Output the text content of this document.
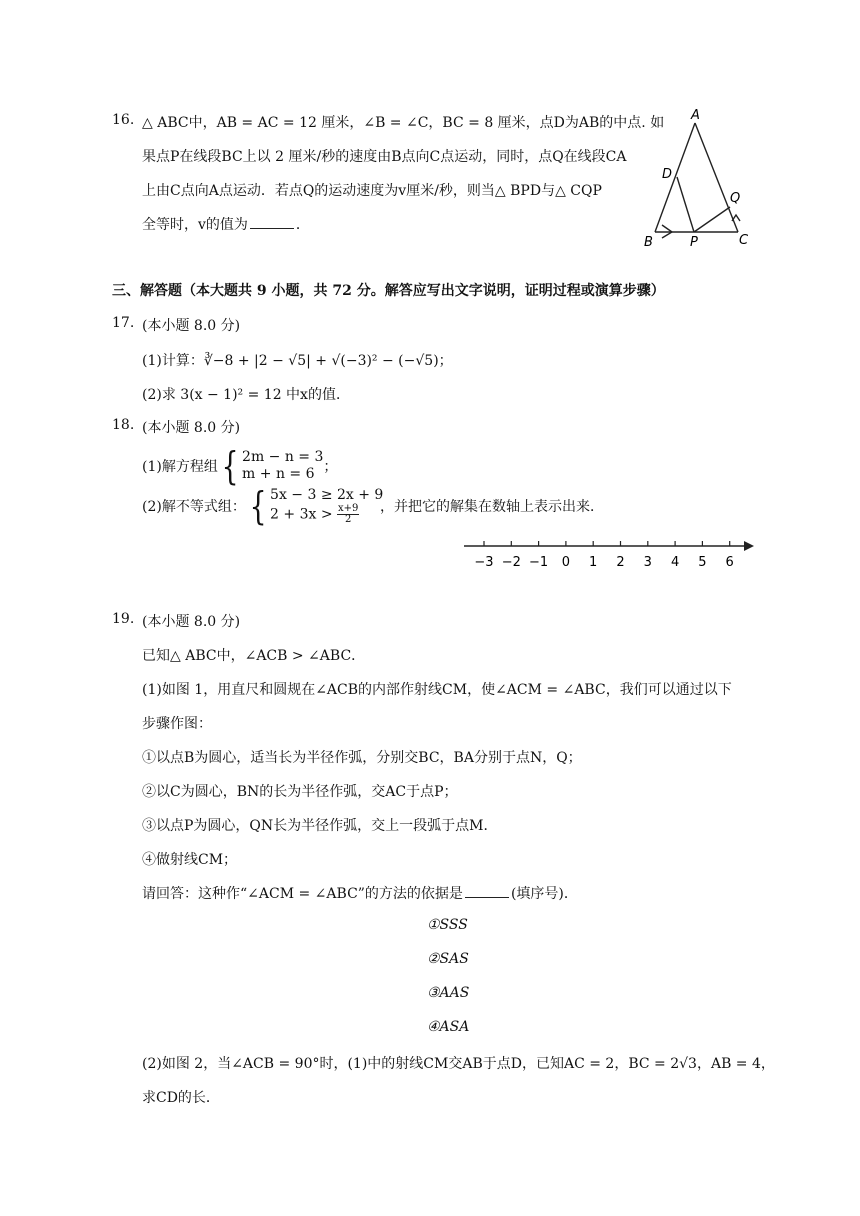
16. △ ABC中，AB = AC = 12 厘米，∠B = ∠C，BC = 8 厘米，点D为AB的中点. 如
果点P在线段BC上以 2 厘米/秒的速度由B点向C点运动，同时，点Q在线段CA
上由C点向A点运动．若点Q的运动速度为v厘米/秒，则当△ BPD与△ CQP
全等时，v的值为	．
A
D
Q
B	P	C
三、解答题（本大题共 9 小题，共 72 分。解答应写出文字说明，证明过程或演算步骤）
17. (本小题 8.0 分)
(1)计算：∛−8 + |2 − √5| + √(−3)² − (−√5)；
(2)求 3(x − 1)² = 12 中x的值．
18. (本小题 8.0 分)
(1)解方程组{ 2m − n = 3
m + n = 6 ；
(2)解不等式组：{ 5x − 3 ≥ 2x + 9
$2 + 3x > \frac{x+9}{2}$ ，并把它的解集在数轴上表示出来．
−3 −2 −1 0 1 2 3 4 5 6
19. (本小题 8.0 分)
已知△ ABC中，∠ACB > ∠ABC．
(1)如图 1，用直尺和圆规在∠ACB的内部作射线CM，使∠ACM = ∠ABC，我们可以通过以下
步骤作图：
①以点B为圆心，适当长为半径作弧，分别交BC，BA分别于点N，Q；
②以C为圆心，BN的长为半径作弧，交AC于点P；
③以点P为圆心，QN长为半径作弧，交上一段弧于点M．
④做射线CM；
请回答：这种作“∠ACM = ∠ABC”的方法的依据是	(填序号)．
①SSS
②SAS
③AAS
④ASA
(2)如图 2，当∠ACB = 90°时，(1)中的射线CM交AB于点D，已知AC = 2，BC = 2√3，AB = 4，
求CD的长．
